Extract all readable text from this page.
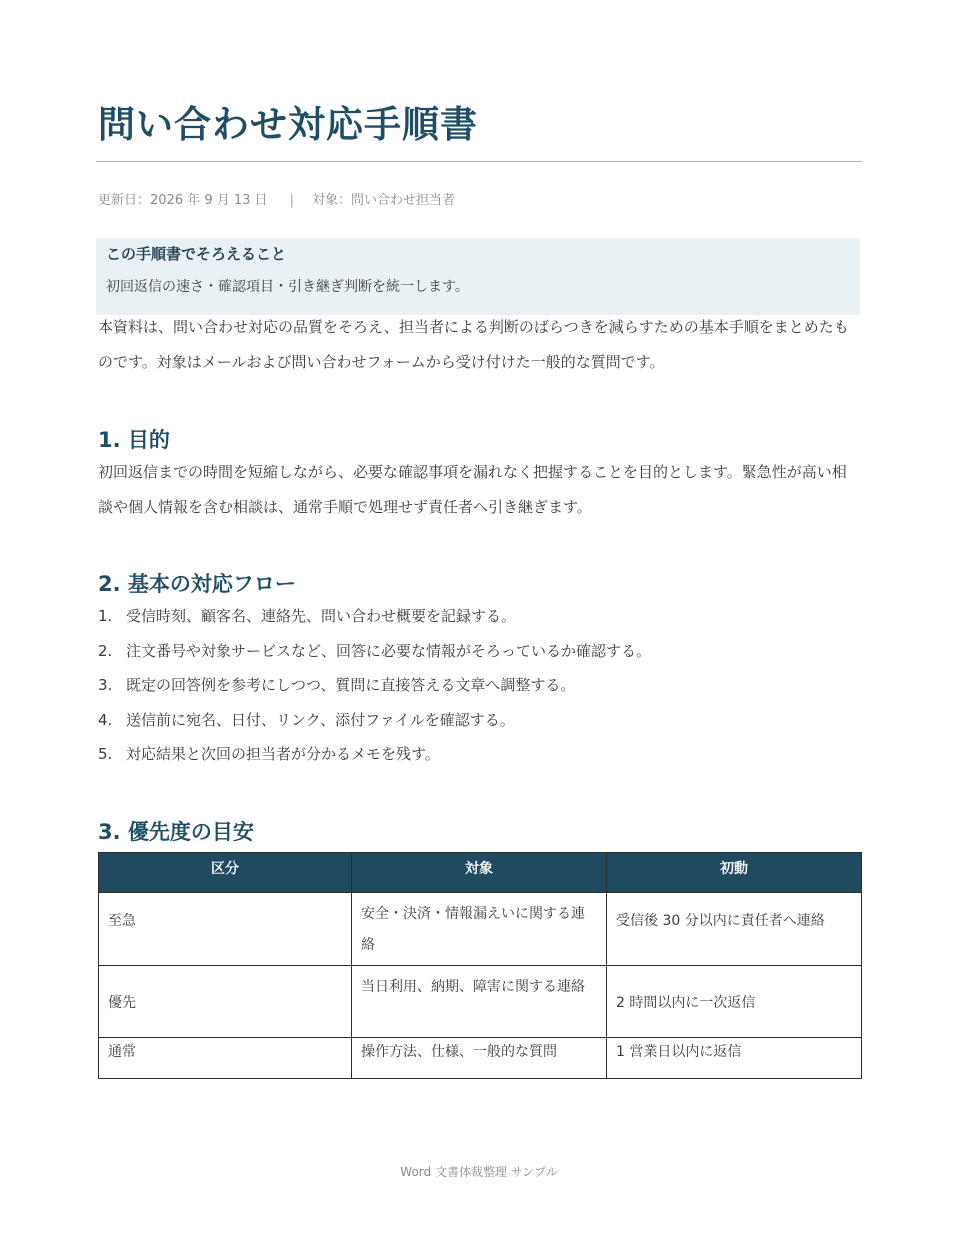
問い合わせ対応手順書
更新日：2026 年 9 月 13 日 | 対象：問い合わせ担当者
この手順書でそろえること
初回返信の速さ・確認項目・引き継ぎ判断を統一します。

本資料は、問い合わせ対応の品質をそろえ、担当者による判断のばらつきを減らすための基本手順をまとめたものです。対象はメールおよび問い合わせフォームから受け付けた一般的な質問です。

1. 目的

初回返信までの時間を短縮しながら、必要な確認事項を漏れなく把握することを目的とします。緊急性が高い相談や個人情報を含む相談は、通常手順で処理せず責任者へ引き継ぎます。

2. 基本の対応フロー
1. 受信時刻、顧客名、連絡先、問い合わせ概要を記録する。
2. 注文番号や対象サービスなど、回答に必要な情報がそろっているか確認する。
3. 既定の回答例を参考にしつつ、質問に直接答える文章へ調整する。
4. 送信前に宛名、日付、リンク、添付ファイルを確認する。
5. 対応結果と次回の担当者が分かるメモを残す。
3. 優先度の目安
区分	対象	初動
至急	安全・決済・情報漏えいに関する連絡	受信後 30 分以内に責任者へ連絡
優先	当日利用、納期、障害に関する連絡	2 時間以内に一次返信
通常	操作方法、仕様、一般的な質問	1 営業日以内に返信
Word 文書体裁整理 サンプル
